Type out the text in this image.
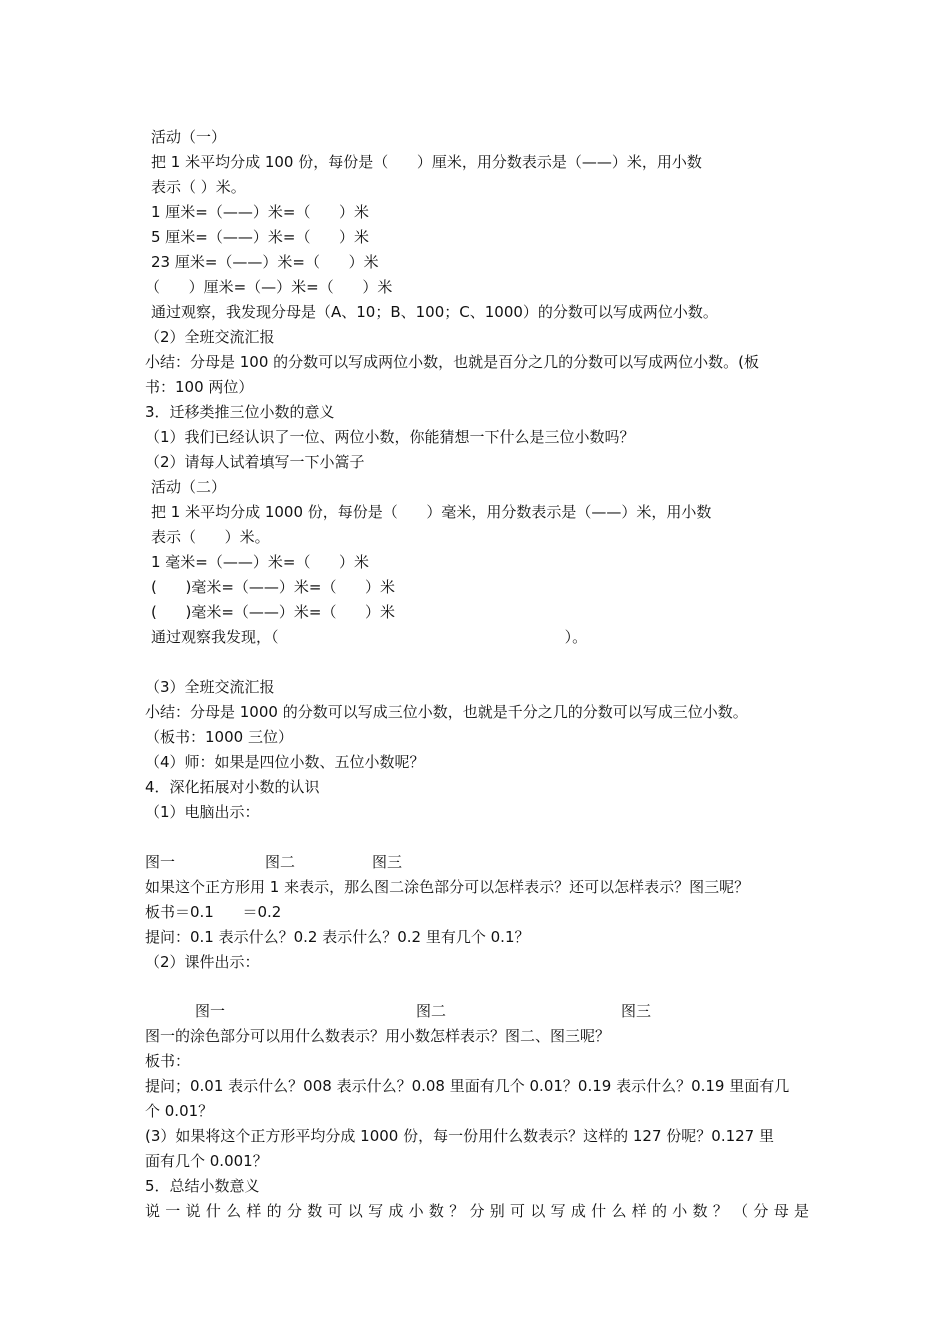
活动（一）
把 1 米平均分成 100 份，每份是（      ）厘米，用分数表示是（——）米，用小数
表示（ ）米。
1 厘米=（——）米=（      ）米
5 厘米=（——）米=（      ）米
23 厘米=（——）米=（      ）米
（      ）厘米=（—）米=（      ）米
通过观察，我发现分母是（A、10；B、100；C、1000）的分数可以写成两位小数。
（2）全班交流汇报
小结：分母是 100 的分数可以写成两位小数，也就是百分之几的分数可以写成两位小数。(板
书：100 两位）
3．迁移类推三位小数的意义
（1）我们已经认识了一位、两位小数，你能猜想一下什么是三位小数吗？
（2）请每人试着填写一下小篙子
活动（二）
把 1 米平均分成 1000 份，每份是（      ）毫米，用分数表示是（——）米，用小数
表示（      ）米。
1 毫米=（——）米=（      ）米
(      )毫米=（——）米=（      ）米
(      )毫米=（——）米=（      ）米
通过观察我发现，（                                                            ）。
（3）全班交流汇报
小结：分母是 1000 的分数可以写成三位小数，也就是千分之几的分数可以写成三位小数。
（板书：1000 三位）
（4）师：如果是四位小数、五位小数呢？
4．深化拓展对小数的认识
（1）电脑出示：
图一	图二	图三
如果这个正方形用 1 来表示，那么图二涂色部分可以怎样表示？还可以怎样表示？图三呢？
板书＝0.1      ＝0.2
提问：0.1 表示什么？0.2 表示什么？0.2 里有几个 0.1？
（2）课件出示：
图一	图二	图三
图一的涂色部分可以用什么数表示？用小数怎样表示？图二、图三呢？
板书：
提问；0.01 表示什么？008 表示什么？0.08 里面有几个 0.01？0.19 表示什么？0.19 里面有几
个 0.01？
(3）如果将这个正方形平均分成 1000 份，每一份用什么数表示？这样的 127 份呢？0.127 里
面有几个 0.001？
5．总结小数意义
说一说什么样的分数可以写成小数？分别可以写成什么样的小数？（分母是
